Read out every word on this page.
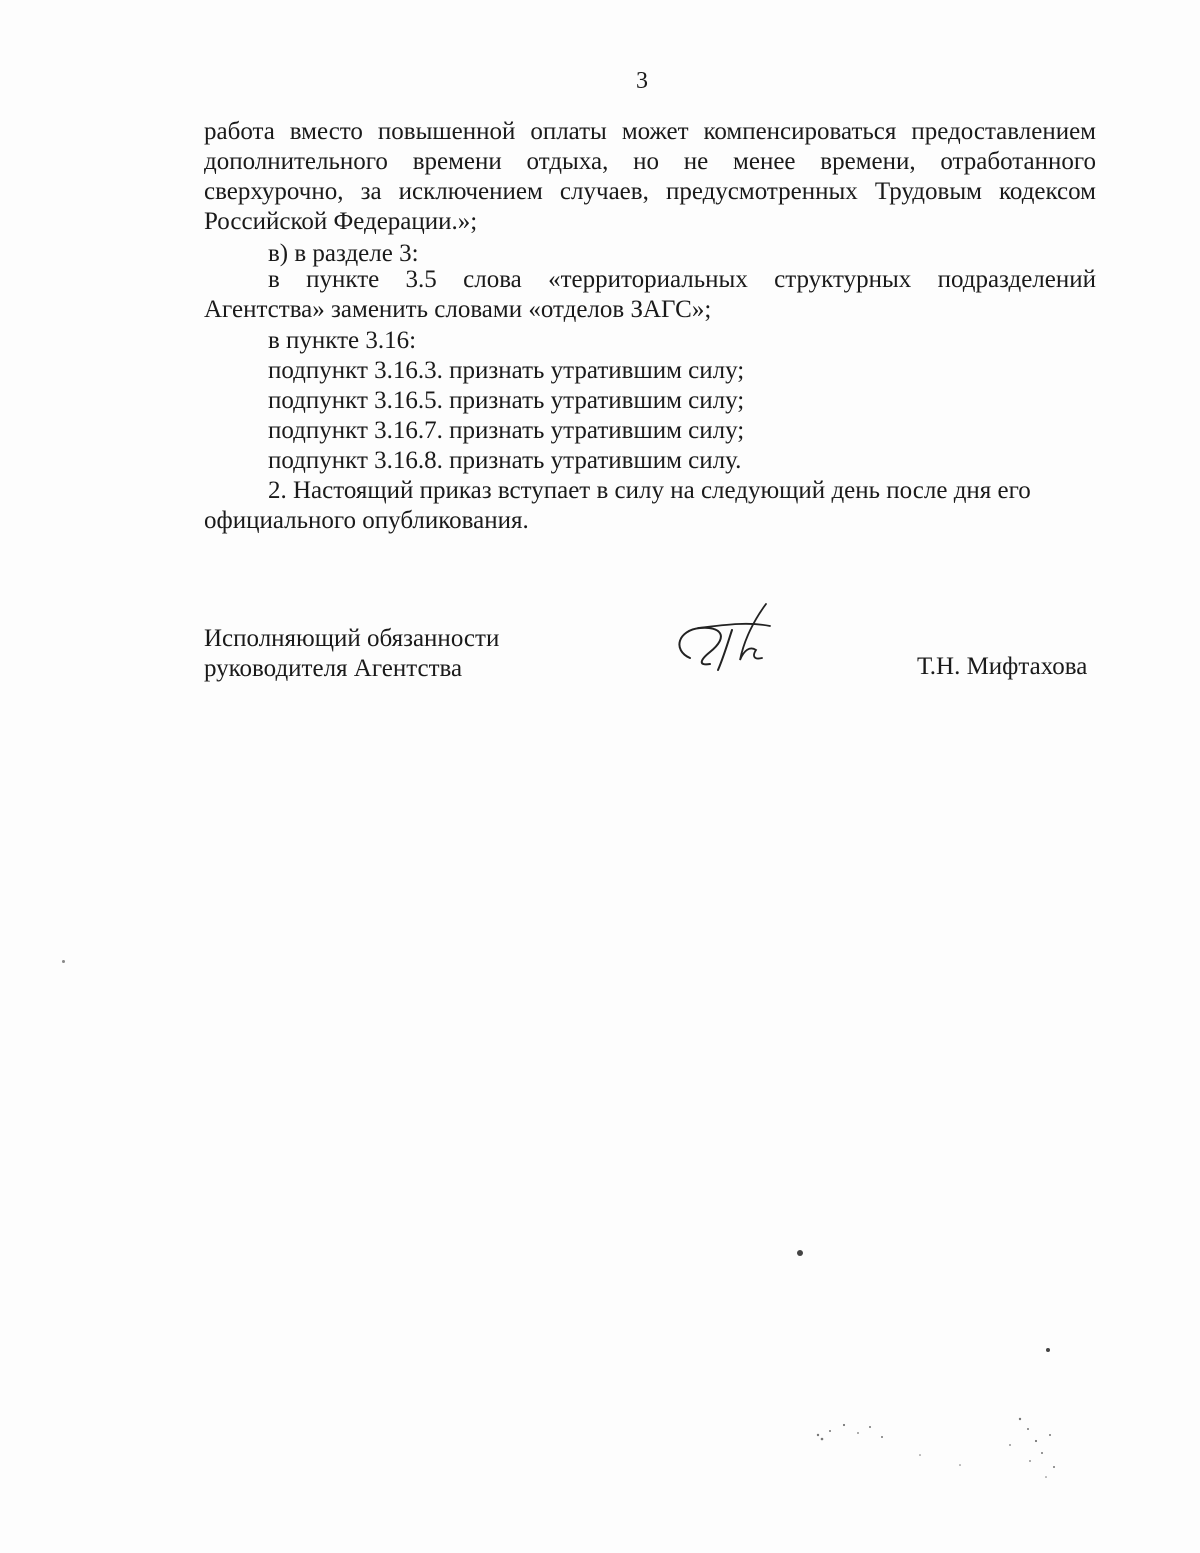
3
работа вместо повышенной оплаты может компенсироваться предоставлением
дополнительного времени отдыха, но не менее времени, отработанного
сверхурочно, за исключением случаев, предусмотренных Трудовым кодексом
Российской Федерации.»;
в) в разделе 3:
в пункте 3.5 слова «территориальных структурных подразделений
Агентства» заменить словами «отделов ЗАГС»;
в пункте 3.16:
подпункт 3.16.3. признать утратившим силу;
подпункт 3.16.5. признать утратившим силу;
подпункт 3.16.7. признать утратившим силу;
подпункт 3.16.8. признать утратившим силу.
2. Настоящий приказ вступает в силу на следующий день после дня его
официального опубликования.
Исполняющий обязанности
руководителя Агентства	Т.Н. Мифтахова
